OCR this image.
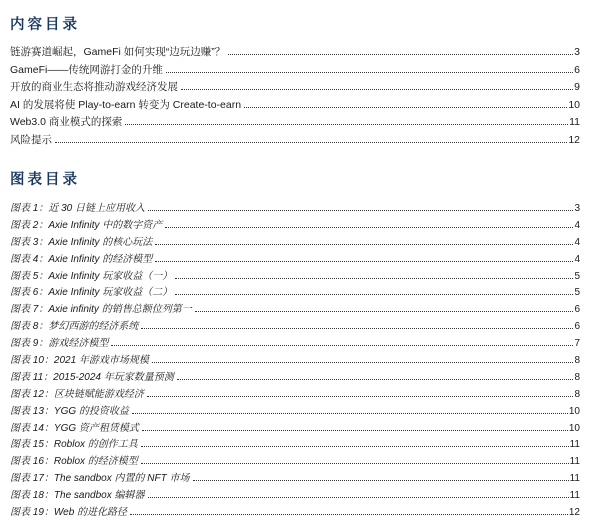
内容目录
链游赛道崛起，GameFi 如何实现“边玩边赚”？	3
GameFi——传统网游打金的升维	6
开放的商业生态将推动游戏经济发展	9
AI 的发展将使 Play-to-earn 转变为 Create-to-earn	10
Web3.0 商业模式的探索	11
风险提示	12
图表目录
图表 1：近 30 日链上应用收入	3
图表 2：Axie Infinity 中的数字资产	4
图表 3：Axie Infinity 的核心玩法	4
图表 4：Axie Infinity 的经济模型	4
图表 5：Axie Infinity 玩家收益（一）	5
图表 6：Axie Infinity 玩家收益（二）	5
图表 7：Axie infinity 的销售总额位列第一	6
图表 8：梦幻西游的经济系统	6
图表 9：游戏经济模型	7
图表 10：2021 年游戏市场规模	8
图表 11：2015-2024 年玩家数量预测	8
图表 12：区块链赋能游戏经济	8
图表 13：YGG 的投资收益	10
图表 14：YGG 资产租赁模式	10
图表 15：Roblox 的创作工具	11
图表 16：Roblox 的经济模型	11
图表 17：The sandbox 内置的 NFT 市场	11
图表 18：The sandbox 编辑器	11
图表 19：Web 的进化路径	12
